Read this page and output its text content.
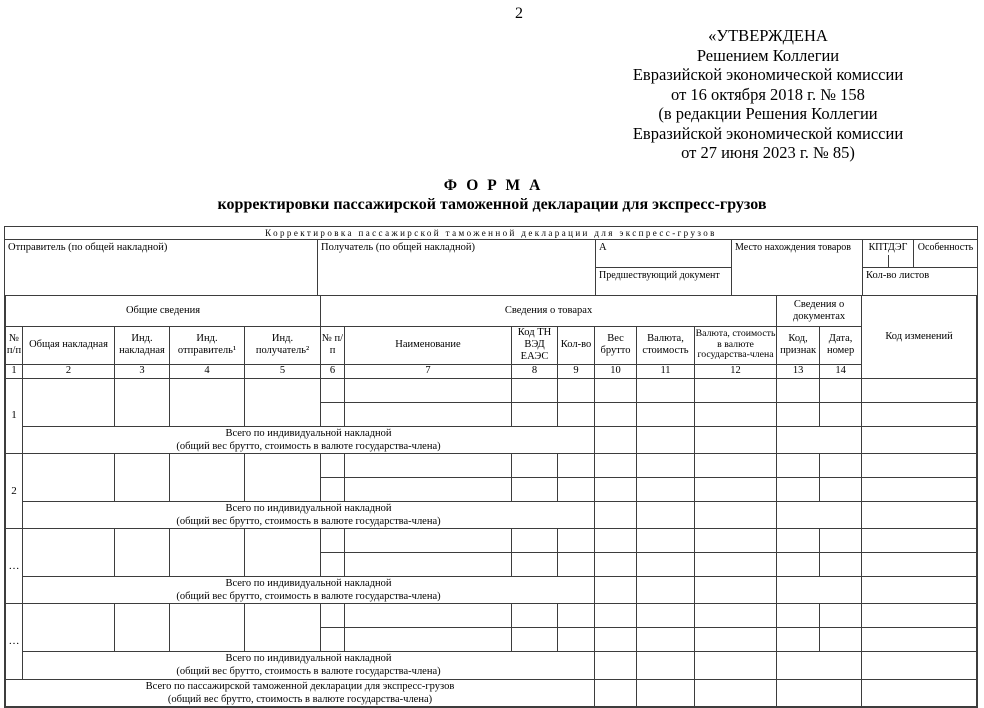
2
«УТВЕРЖДЕНА
Решением Коллегии
Евразийской экономической комиссии
от 16 октября 2018 г. № 158
(в редакции Решения Коллегии
Евразийской экономической комиссии
от 27 июня 2023 г. № 85)
ФОРМА
корректировки пассажирской таможенной декларации для экспресс-грузов
Корректировка пассажирской таможенной декларации для экспресс-грузов
Отправитель (по общей накладной)	Получатель (по общей накладной)	А
Предшествующий документ
Место нахождения товаров	КПТДЭГ	Особенность
Кол-во листов
Общие сведения					Сведения о товарах							Сведения о документах		Код изменений
№ п/п	Общая накладная	Инд. накладная	Инд. отправитель¹	Инд. получатель²	№ п/п	Наименование	Код ТН ВЭД ЕАЭС	Кол-во	Вес брутто	Валюта, стоимость	Валюта, стоимость в валюте государства-члена	Код, признак	Дата, номер	
1	2	3	4	5	6	7	8	9	10	11	12	13	14	
1														

	Всего по индивидуальной накладной
(общий вес брутто, стоимость в валюте государства-члена)													

2														

	Всего по индивидуальной накладной
(общий вес брутто, стоимость в валюте государства-члена)													

…														

	Всего по индивидуальной накладной
(общий вес брутто, стоимость в валюте государства-члена)													

…														

	Всего по индивидуальной накладной
(общий вес брутто, стоимость в валюте государства-члена)													

Всего по пассажирской таможенной декларации для экспресс-грузов
(общий вес брутто, стоимость в валюте государства-члена)														
